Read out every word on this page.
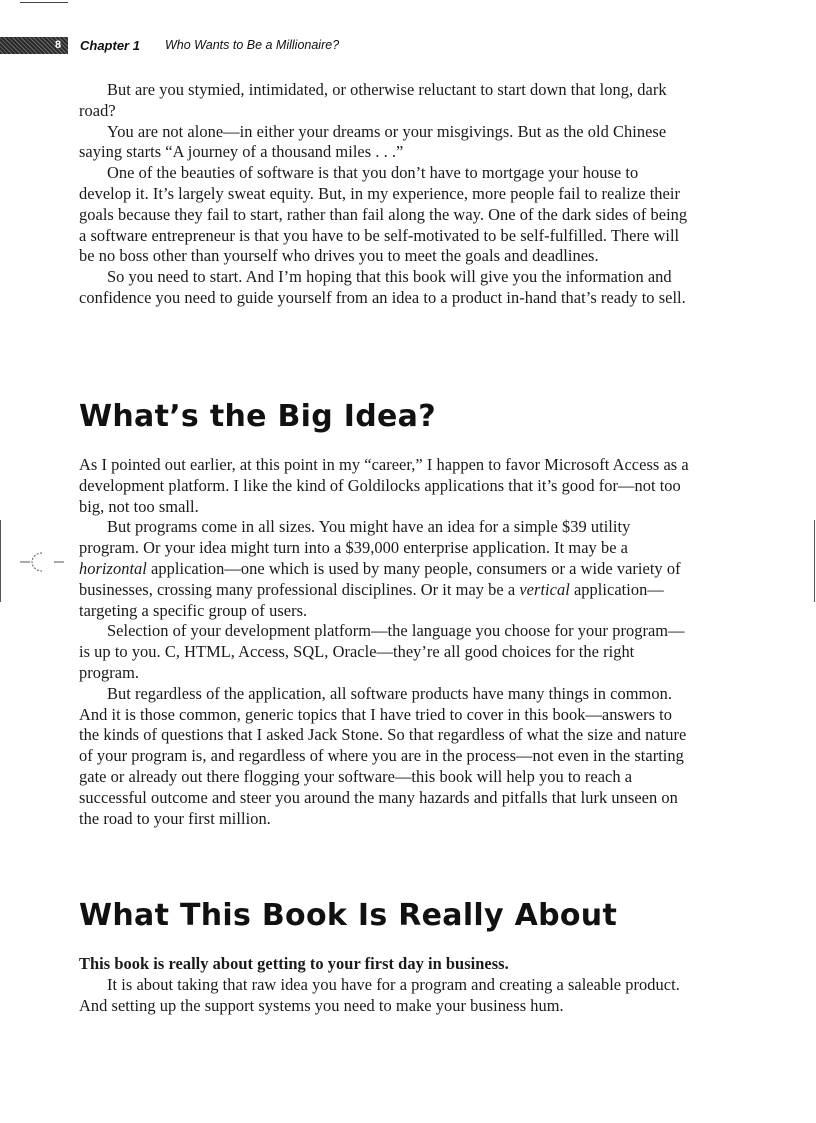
8	Chapter 1 Who Wants to Be a Millionaire?

But are you stymied, intimidated, or otherwise reluctant to start down that long, dark road?

You are not alone—in either your dreams or your misgivings. But as the old Chinese saying starts “A journey of a thousand miles . . .”

One of the beauties of software is that you don’t have to mortgage your house to develop it. It’s largely sweat equity. But, in my experience, more people fail to realize their goals because they fail to start, rather than fail along the way. One of the dark sides of being a software entrepreneur is that you have to be self-motivated to be self-fulfilled. There will be no boss other than yourself who drives you to meet the goals and deadlines.

So you need to start. And I’m hoping that this book will give you the information and confidence you need to guide yourself from an idea to a product in-hand that’s ready to sell.

What’s the Big Idea?

As I pointed out earlier, at this point in my “career,” I happen to favor Microsoft Access as a development platform. I like the kind of Goldilocks applications that it’s good for—not too big, not too small.

But programs come in all sizes. You might have an idea for a simple $39 utility program. Or your idea might turn into a $39,000 enterprise application. It may be a horizontal application—one which is used by many people, consumers or a wide variety of businesses, crossing many professional disciplines. Or it may be a vertical application—targeting a specific group of users.

Selection of your development platform—the language you choose for your program—is up to you. C, HTML, Access, SQL, Oracle—they’re all good choices for the right program.

But regardless of the application, all software products have many things in common. And it is those common, generic topics that I have tried to cover in this book—answers to the kinds of questions that I asked Jack Stone. So that regardless of what the size and nature of your program is, and regardless of where you are in the process—not even in the starting gate or already out there flogging your software—this book will help you to reach a successful outcome and steer you around the many hazards and pitfalls that lurk unseen on the road to your first million.

What This Book Is Really About

This book is really about getting to your first day in business.

It is about taking that raw idea you have for a program and creating a saleable product. And setting up the support systems you need to make your business hum.
